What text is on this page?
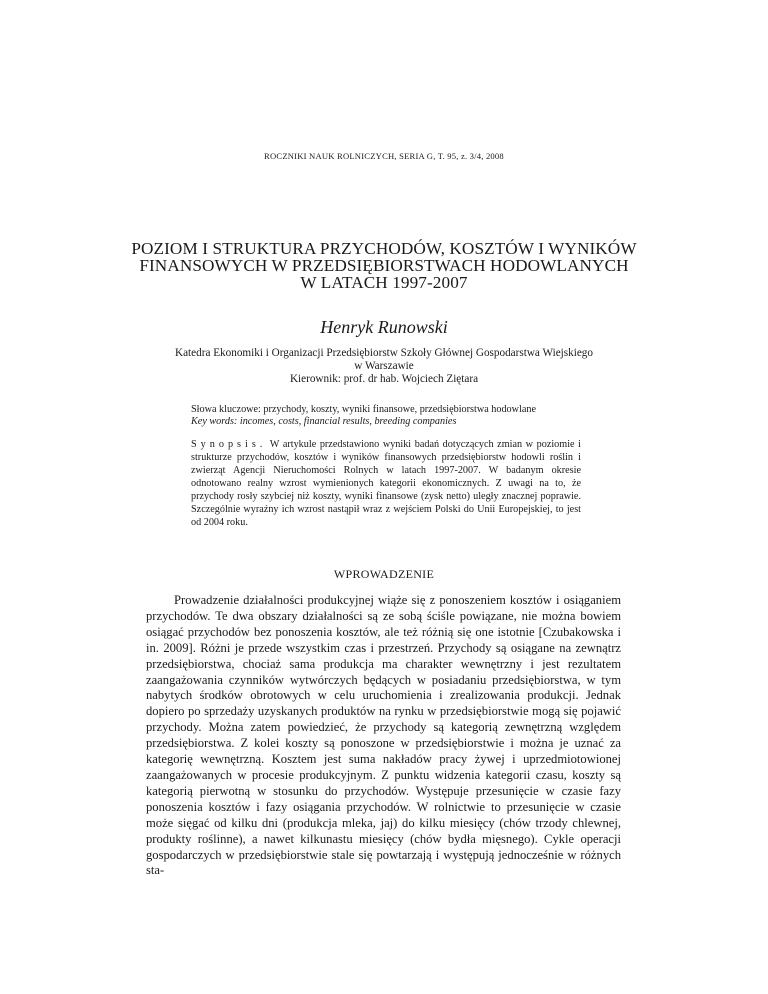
ROCZNIKI NAUK ROLNICZYCH, SERIA G, T. 95, z. 3/4, 2008
POZIOM I STRUKTURA PRZYCHODÓW, KOSZTÓW I WYNIKÓW
FINANSOWYCH W PRZEDSIĘBIORSTWACH HODOWLANYCH
W LATACH 1997-2007
Henryk Runowski
Katedra Ekonomiki i Organizacji Przedsiębiorstw Szkoły Głównej Gospodarstwa Wiejskiego
w Warszawie
Kierownik: prof. dr hab. Wojciech Ziętara
Słowa kluczowe: przychody, koszty, wyniki finansowe, przedsiębiorstwa hodowlane
Key words: incomes, costs, financial results, breeding companies
Synopsis. W artykule przedstawiono wyniki badań dotyczących zmian w poziomie i strukturze przychodów, kosztów i wyników finansowych przedsiębiorstw hodowli roślin i zwierząt Agencji Nieruchomości Rolnych w latach 1997-2007. W badanym okresie odnotowano realny wzrost wymienionych kategorii ekonomicznych. Z uwagi na to, że przychody rosły szybciej niż koszty, wyniki finansowe (zysk netto) uległy znacznej poprawie. Szczególnie wyraźny ich wzrost nastąpił wraz z wejściem Polski do Unii Europejskiej, to jest od 2004 roku.
WPROWADZENIE

Prowadzenie działalności produkcyjnej wiąże się z ponoszeniem kosztów i osiąganiem przychodów. Te dwa obszary działalności są ze sobą ściśle powiązane, nie można bowiem osiągać przychodów bez ponoszenia kosztów, ale też różnią się one istotnie [Czubakowska i in. 2009]. Różni je przede wszystkim czas i przestrzeń. Przychody są osiągane na zewnątrz przedsiębiorstwa, chociaż sama produkcja ma charakter wewnętrzny i jest rezultatem zaangażowania czynników wytwórczych będących w posiadaniu przedsiębiorstwa, w tym nabytych środków obrotowych w celu uruchomienia i zrealizowania produkcji. Jednak dopiero po sprzedaży uzyskanych produktów na rynku w przedsiębiorstwie mogą się pojawić przychody. Można zatem powiedzieć, że przychody są kategorią zewnętrzną względem przedsiębiorstwa. Z kolei koszty są ponoszone w przedsiębiorstwie i można je uznać za kategorię wewnętrzną. Kosztem jest suma nakładów pracy żywej i uprzedmiotowionej zaangażowanych w procesie produkcyjnym. Z punktu widzenia kategorii czasu, koszty są kategorią pierwotną w stosunku do przychodów. Występuje przesunięcie w czasie fazy ponoszenia kosztów i fazy osiągania przychodów. W rolnictwie to przesunięcie w czasie może sięgać od kilku dni (produkcja mleka, jaj) do kilku miesięcy (chów trzody chlewnej, produkty roślinne), a nawet kilkunastu miesięcy (chów bydła mięsnego). Cykle operacji gospodarczych w przedsiębiorstwie stale się powtarzają i występują jednocześnie w różnych sta-
